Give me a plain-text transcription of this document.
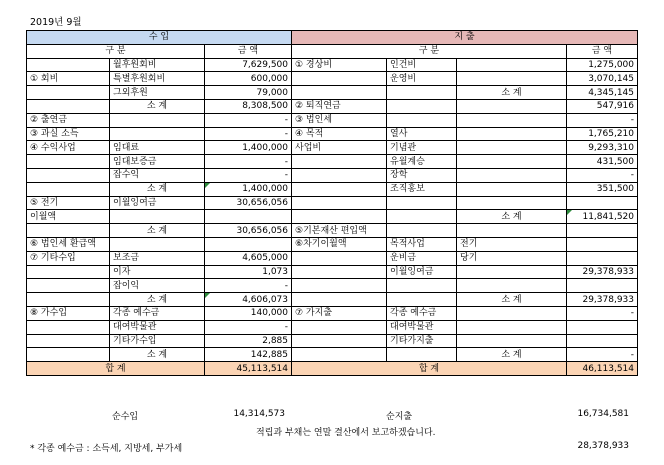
2019년 9월
수 입			지 출			
구 분		금 액	구 분			금 액
	월후원회비	7,629,500	① 경상비	인건비		1,275,000
① 회비	특별후원회비	600,000		운영비		3,070,145
	그외후원	79,000			소 계	4,345,145
	소 계	8,308,500	② 퇴직연금			547,916
② 출연금		-	③ 법인세			-
③ 과실 소득		-	④ 목적	열사		1,765,210
④ 수익사업	임대료	1,400,000	사업비	기념관		9,293,310
	임대보증금	-		유월계승		431,500
	잡수익	-		장학		-
	소 계	1,400,000		조직홍보		351,500
⑤ 전기	이월잉여금	30,656,056				
이월액					소 계	11,841,520
	소 계	30,656,056	⑤기본재산 편입액			
⑥ 법인세 환급액			⑥차기이월액	목적사업	전기	
⑦ 기타수입	보조금	4,605,000		운비금	당기	
	이자	1,073		이월잉여금		29,378,933
	잡이익	-				
	소 계	4,606,073			소 계	29,378,933
⑧ 가수입	각종 예수금	140,000	⑦ 가지출	각종 예수금		-
	대여박물관	-		대여박물관		
	기타가수입	2,885		기타가지출		
	소 계	142,885			소 계	-
합 계		45,113,514	합 계			46,113,514
순수입	14,314,573	순지출	16,734,581
적립과 부채는 연말 결산에서 보고하겠습니다.
* 각종 예수금 : 소득세, 지방세, 부가세	28,378,933
